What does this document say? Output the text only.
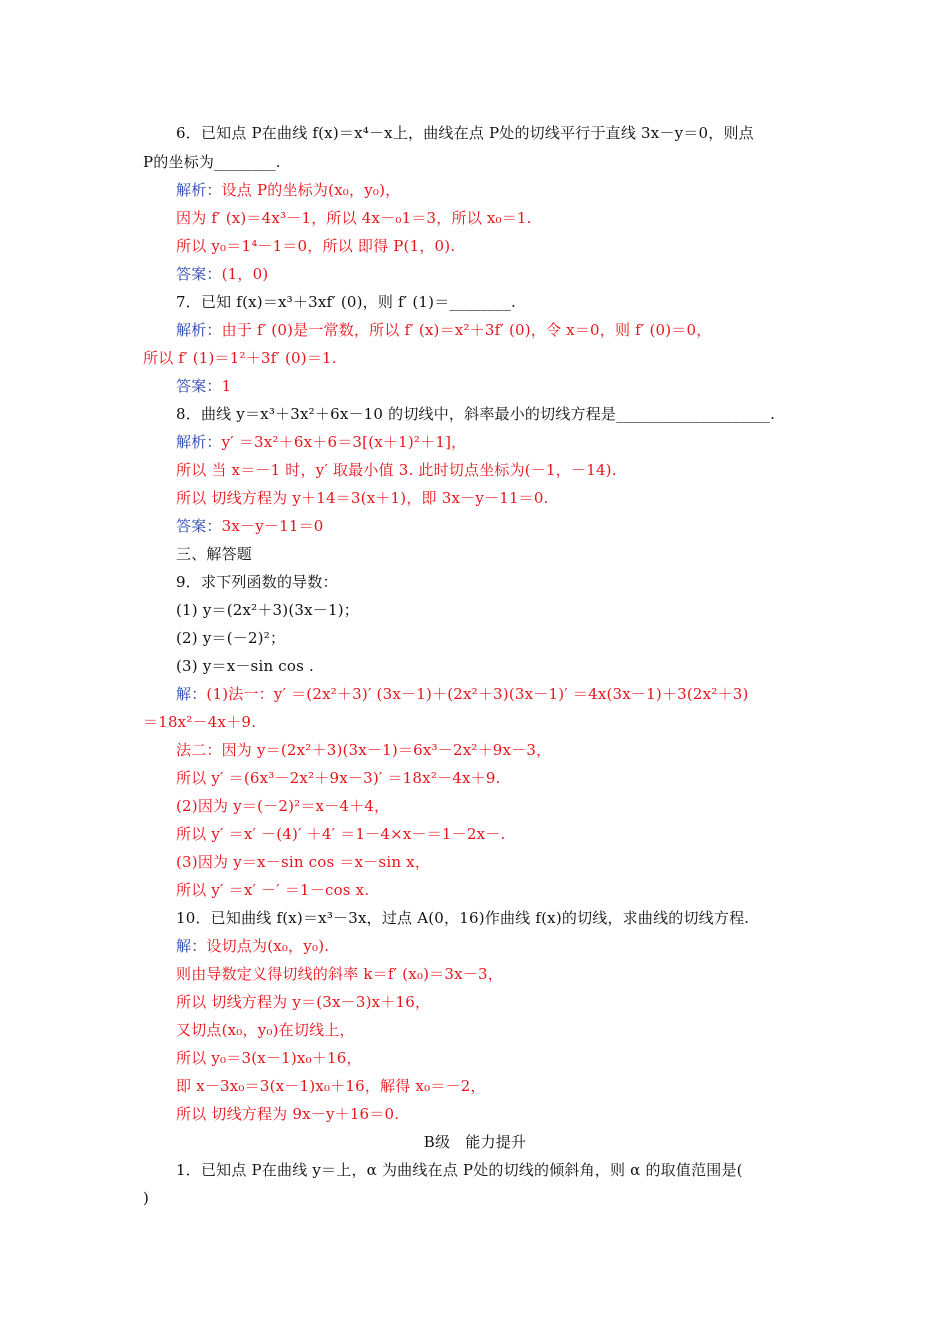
6．已知点 P在曲线 f(x)＝x⁴－x上，曲线在点 P处的切线平行于直线 3x－y＝0，则点
P的坐标为________.
解析：设点 P的坐标为(x₀，y₀)，
因为 f′ (x)＝4x³－1，所以 4x－₀1＝3，所以 x₀＝1.
所以 y₀＝1⁴－1＝0，所以 即得 P(1，0).
答案：(1，0)
7．已知 f(x)＝x³＋3xf′ (0)，则 f′ (1)＝________.
解析：由于 f′ (0)是一常数，所以 f′ (x)＝x²＋3f′ (0)，令 x＝0，则 f′ (0)＝0，
所以 f′ (1)＝1²＋3f′ (0)＝1.
答案：1
8．曲线 y＝x³＋3x²＋6x－10 的切线中，斜率最小的切线方程是____________________.
解析：y′ ＝3x²＋6x＋6＝3[(x＋1)²＋1]，
所以 当 x＝－1 时，y′ 取最小值 3. 此时切点坐标为(－1，－14).
所以 切线方程为 y＋14＝3(x＋1)，即 3x－y－11＝0.
答案：3x－y－11＝0
三、解答题
9．求下列函数的导数：
(1) y＝(2x²＋3)(3x－1)；
(2) y＝(－2)²；
(3) y＝x－sin cos .
解：(1)法一：y′ ＝(2x²＋3)′ (3x－1)＋(2x²＋3)(3x－1)′ ＝4x(3x－1)＋3(2x²＋3)
＝18x²－4x＋9.
法二：因为 y＝(2x²＋3)(3x－1)＝6x³－2x²＋9x－3，
所以 y′ ＝(6x³－2x²＋9x－3)′ ＝18x²－4x＋9.
(2)因为 y＝(－2)²＝x－4＋4，
所以 y′ ＝x′ －(4)′ ＋4′ ＝1－4×x－＝1－2x－.
(3)因为 y＝x－sin cos ＝x－sin x，
所以 y′ ＝x′ －′ ＝1－cos x.
10．已知曲线 f(x)＝x³－3x，过点 A(0，16)作曲线 f(x)的切线，求曲线的切线方程.
解：设切点为(x₀，y₀).
则由导数定义得切线的斜率 k＝f′ (x₀)＝3x－3，
所以 切线方程为 y＝(3x－3)x＋16，
又切点(x₀，y₀)在切线上，
所以 y₀＝3(x－1)x₀＋16，
即 x－3x₀＝3(x－1)x₀＋16，解得 x₀＝－2，
所以 切线方程为 9x－y＋16＝0.
B级　能力提升
1．已知点 P在曲线 y＝上，α 为曲线在点 P处的切线的倾斜角，则 α 的取值范围是(
)
